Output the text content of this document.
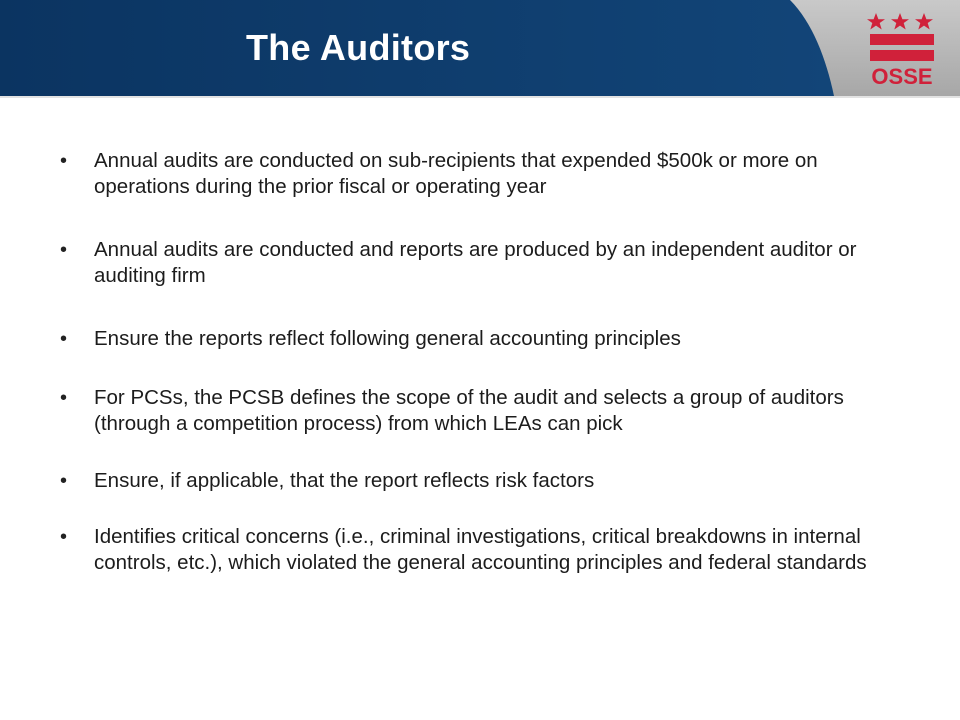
The Auditors
OSSE
•	Annual audits are conducted on sub-recipients that expended $500k or more on operations during the prior fiscal or operating year
•	Annual audits are conducted and reports are produced by an independent auditor or auditing firm
•	Ensure the reports reflect following general accounting principles
•	For PCSs, the PCSB defines the scope of the audit and selects a group of auditors (through a competition process) from which LEAs can pick
•	Ensure, if applicable, that the report reflects risk factors
•	Identifies critical concerns (i.e., criminal investigations, critical breakdowns in internal controls, etc.), which violated the general accounting principles and federal standards
